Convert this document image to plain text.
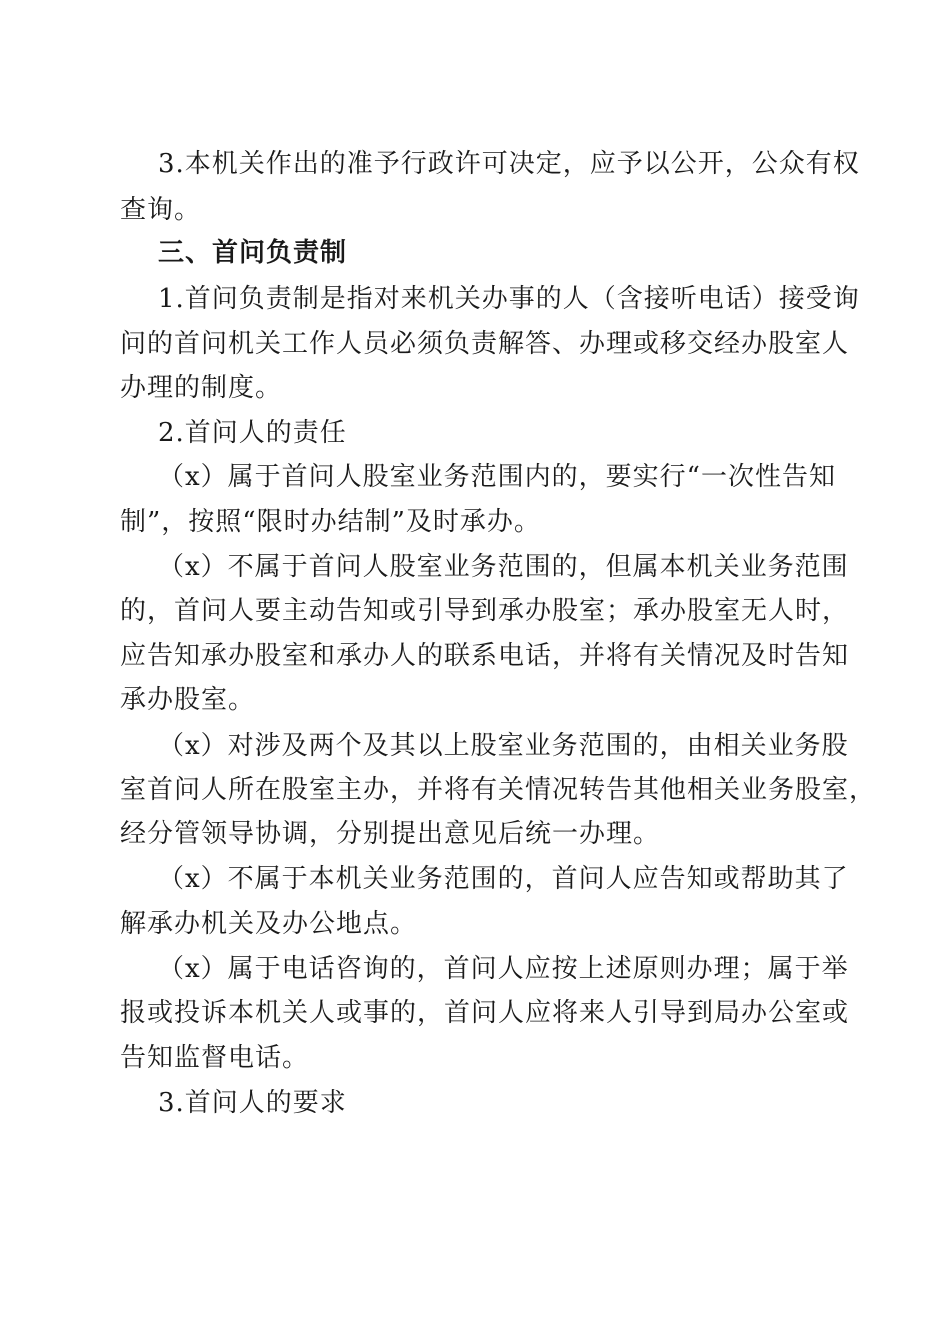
3.本机关作出的准予行政许可决定，应予以公开，公众有权
查询。
三、首问负责制
1.首问负责制是指对来机关办事的人（含接听电话）接受询
问的首问机关工作人员必须负责解答、办理或移交经办股室人
办理的制度。
2.首问人的责任
（x）属于首问人股室业务范围内的，要实行“一次性告知
制”，按照“限时办结制”及时承办。
（x）不属于首问人股室业务范围的，但属本机关业务范围
的，首问人要主动告知或引导到承办股室；承办股室无人时，
应告知承办股室和承办人的联系电话，并将有关情况及时告知
承办股室。
（x）对涉及两个及其以上股室业务范围的，由相关业务股
室首问人所在股室主办，并将有关情况转告其他相关业务股室，
经分管领导协调，分别提出意见后统一办理。
（x）不属于本机关业务范围的，首问人应告知或帮助其了
解承办机关及办公地点。
（x）属于电话咨询的，首问人应按上述原则办理；属于举
报或投诉本机关人或事的，首问人应将来人引导到局办公室或
告知监督电话。
3.首问人的要求
